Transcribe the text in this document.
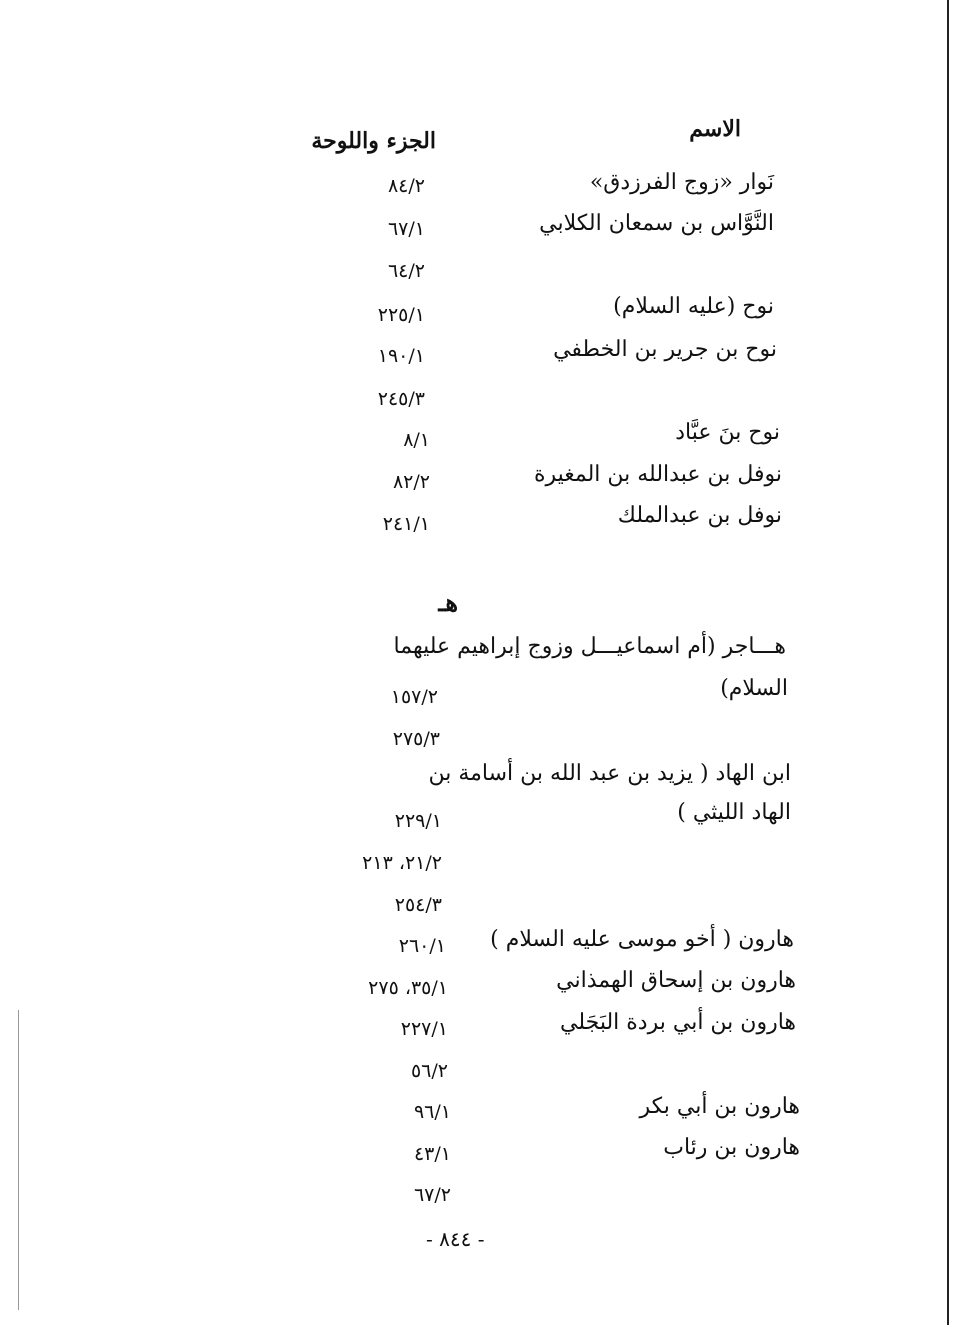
الاسم
الجزء واللوحة
نَوار «زوج الفرزدق»
٨٤/٢
النَّوَّاس بن سمعان الكلابي
٦٧/١
٦٤/٢
نوح (عليه السلام)
٢٢٥/١
نوح بن جرير بن الخطفي
١٩٠/١
٢٤٥/٣
نوح بنَ عبَّاد
٨/١
نوفل بن عبدالله بن المغيرة
٨٢/٢
نوفل بن عبدالملك
٢٤١/١
هـ
هـــاجر (أم اسماعيـــل وزوج إبراهيم عليهما
السلام)
١٥٧/٢
٢٧٥/٣
ابن الهاد ( يزيد بن عبد الله بن أسامة بن
الهاد الليثي )
٢٢٩/١
٢١/٢، ٢١٣
٢٥٤/٣
هارون ( أخو موسى عليه السلام )
٢٦٠/١
هارون بن إسحاق الهمذاني
٣٥/١، ٢٧٥
هارون بن أبي بردة البَجَلي
٢٢٧/١
٥٦/٢
هارون بن أبي بكر
٩٦/١
هارون بن رئاب
٤٣/١
٦٧/٢
- ٨٤٤ -
